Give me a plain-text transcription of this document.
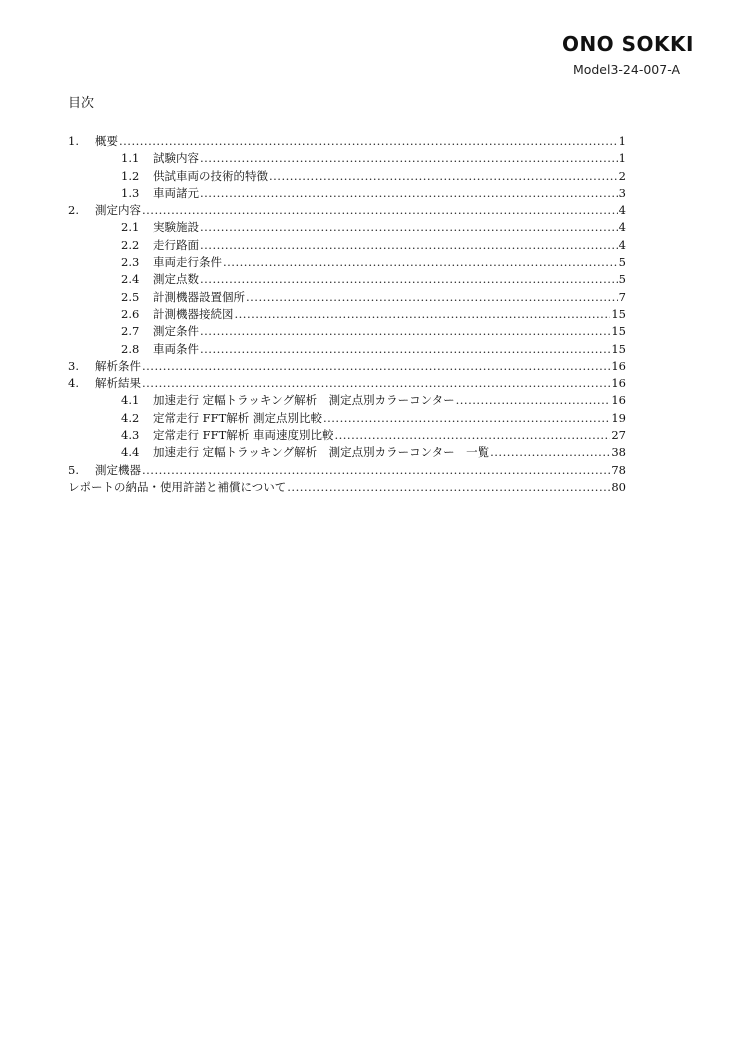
ONO SOKKI
Model3-24-007-A
目次
1.	概要 .....	1
1.1	試験内容 .....	1
1.2	供試車両の技術的特徴 .....	2
1.3	車両諸元 .....	3
2.	測定内容 .....	4
2.1	実験施設 .....	4
2.2	走行路面 .....	4
2.3	車両走行条件 .....	5
2.4	測定点数 .....	5
2.5	計測機器設置個所 .....	7
2.6	計測機器接続図 .....	15
2.7	測定条件 .....	15
2.8	車両条件 .....	15
3.	解析条件 .....	16
4.	解析結果 .....	16
4.1	加速走行 定幅トラッキング解析　測定点別カラーコンター .....	16
4.2	定常走行 FFT解析 測定点別比較 .....	19
4.3	定常走行 FFT解析 車両速度別比較 .....	27
4.4	加速走行 定幅トラッキング解析　測定点別カラーコンター　一覧 .....	38
5.	測定機器 .....	78
レポートの納品・使用許諾と補償について .....	80
